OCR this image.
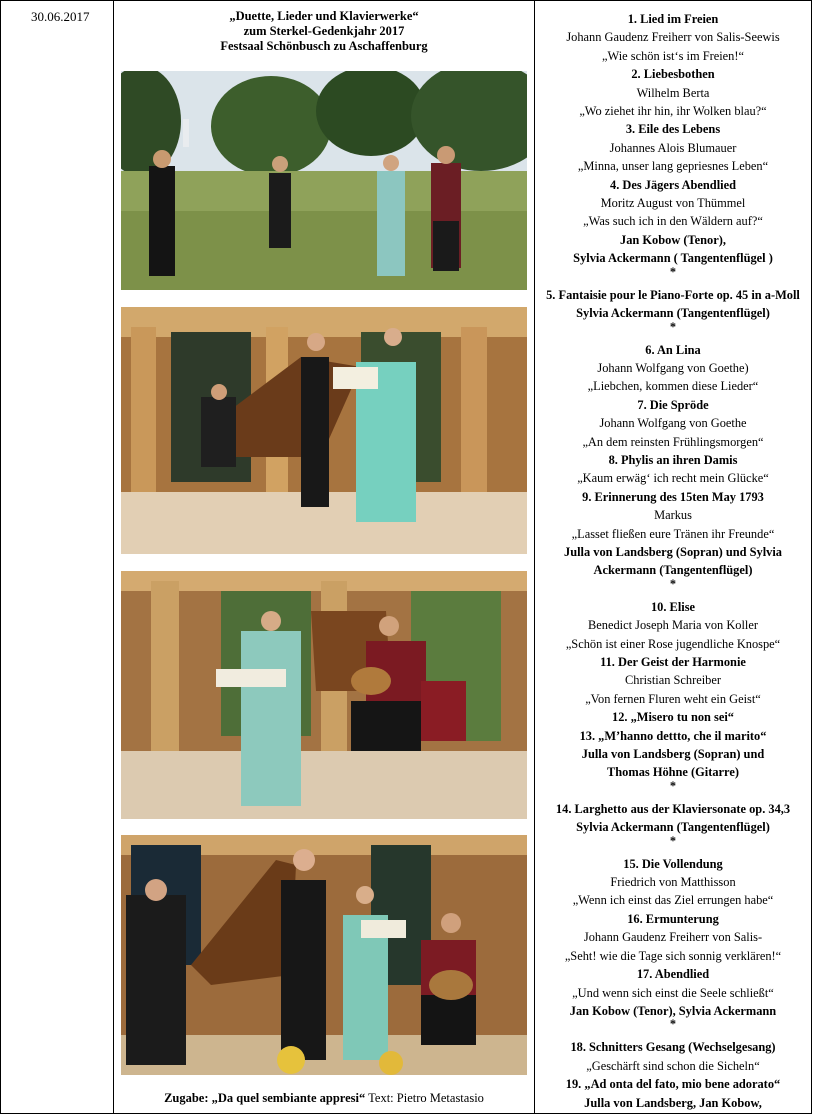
30.06.2017	„Duette, Lieder und Klavierwerke“
zum Sterkel-Gedenkjahr 2017
Festsaal Schönbusch zu Aschaffenburg
Zugabe: „Da quel sembiante appresi“ Text: Pietro Metastasio
1. Lied im Freien
Johann Gaudenz Freiherr von Salis-Seewis
„Wie schön ist‘s im Freien!“
2. Liebesbothen
Wilhelm Berta
„Wo ziehet ihr hin, ihr Wolken blau?“
3. Eile des Lebens
Johannes Alois Blumauer
„Minna, unser lang gepriesnes Leben“
4. Des Jägers Abendlied
Moritz August von Thümmel
„Was such ich in den Wäldern auf?“
Jan Kobow (Tenor),
Sylvia Ackermann ( Tangentenflügel )
*
5. Fantaisie pour le Piano-Forte op. 45 in a-Moll
Sylvia Ackermann (Tangentenflügel)
*
6. An Lina
Johann Wolfgang von Goethe)
„Liebchen, kommen diese Lieder“
7. Die Spröde
Johann Wolfgang von Goethe
„An dem reinsten Frühlingsmorgen“
8. Phylis an ihren Damis
„Kaum erwäg‘ ich recht mein Glücke“
9. Erinnerung des 15ten May 1793
Markus
„Lasset fließen eure Tränen ihr Freunde“
Julla von Landsberg (Sopran) und Sylvia
Ackermann (Tangentenflügel)
*
10. Elise
Benedict Joseph Maria von Koller
„Schön ist einer Rose jugendliche Knospe“
11. Der Geist der Harmonie
Christian Schreiber
„Von fernen Fluren weht ein Geist“
12. „Misero tu non sei“
13. „M’hanno dettto, che il marito“
Julla von Landsberg (Sopran) und
Thomas Höhne (Gitarre)
*
14. Larghetto aus der Klaviersonate op. 34,3
Sylvia Ackermann (Tangentenflügel)
*
15. Die Vollendung
Friedrich von Matthisson
„Wenn ich einst das Ziel errungen habe“
16. Ermunterung
Johann Gaudenz Freiherr von Salis-
„Seht! wie die Tage sich sonnig verklären!“
17. Abendlied
„Und wenn sich einst die Seele schließt“
Jan Kobow (Tenor), Sylvia Ackermann
*
18. Schnitters Gesang (Wechselgesang)
„Geschärft sind schon die Sicheln“
19. „Ad onta del fato, mio bene adorato“
Julla von Landsberg, Jan Kobow,
